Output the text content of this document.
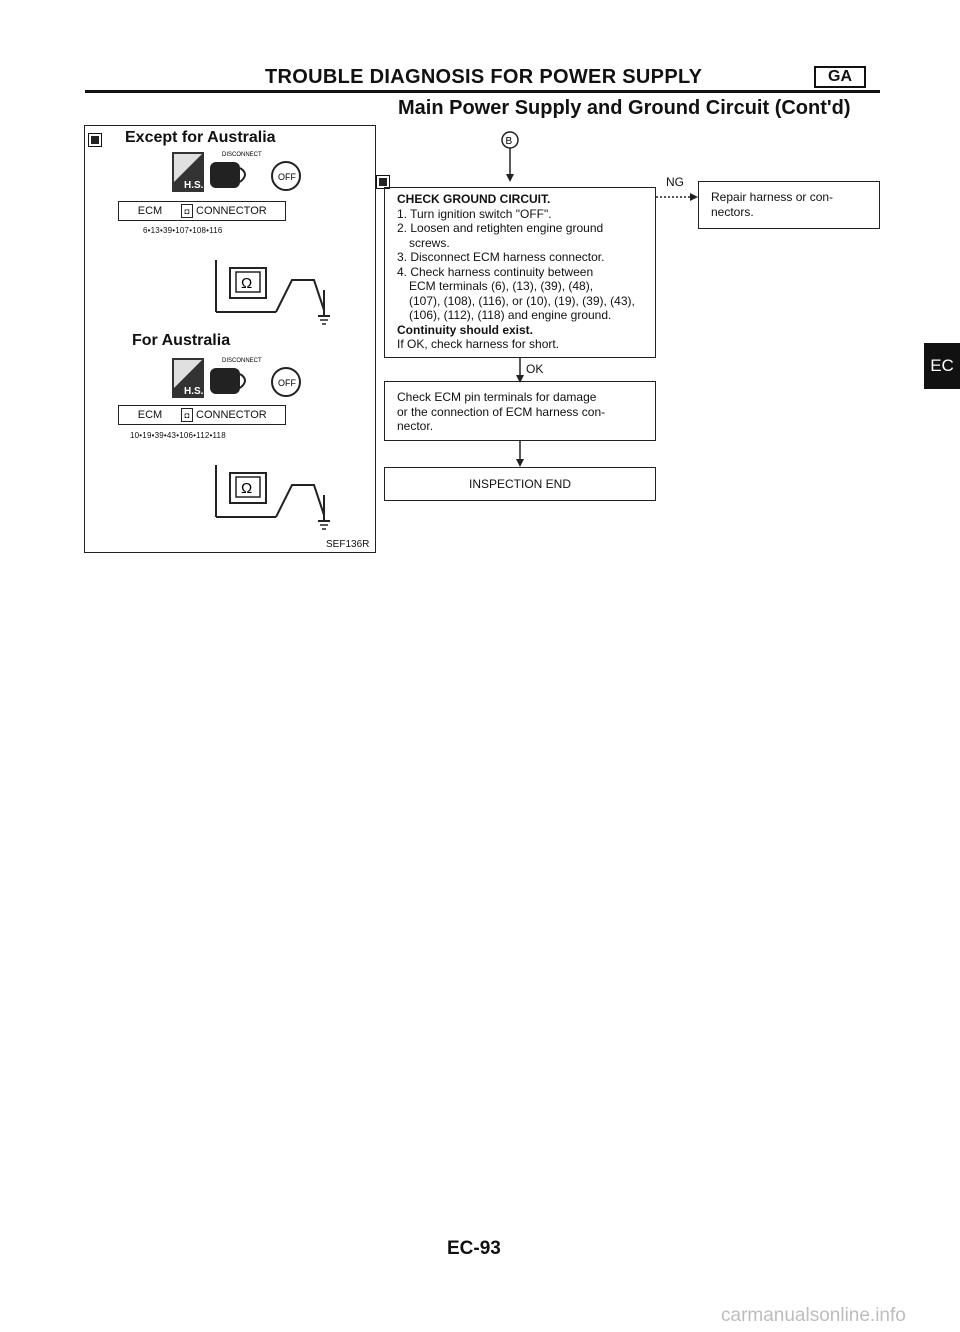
TROUBLE DIAGNOSIS FOR POWER SUPPLY	GA
Main Power Supply and Ground Circuit (Cont'd)
Except for Australia
H.S.
DISCONNECT
OFF
ECM	◘ CONNECTOR
6•13•39•107•108•116
Ω
For Australia
H.S.
DISCONNECT
OFF
ECM	◘ CONNECTOR
10•19•39•43•106•112•118
Ω
SEF136R
B
CHECK GROUND CIRCUIT.
1. Turn ignition switch "OFF".
2. Loosen and retighten engine ground
screws.
3. Disconnect ECM harness connector.
4. Check harness continuity between
ECM terminals (6), (13), (39), (48),
(107), (108), (116), or (10), (19), (39), (43),
(106), (112), (118) and engine ground.
Continuity should exist.
If OK, check harness for short.
NG
Repair harness or con-
nectors.
OK
Check ECM pin terminals for damage
or the connection of ECM harness con-
nector.
INSPECTION END
EC
EC-93
carmanualsonline.info
